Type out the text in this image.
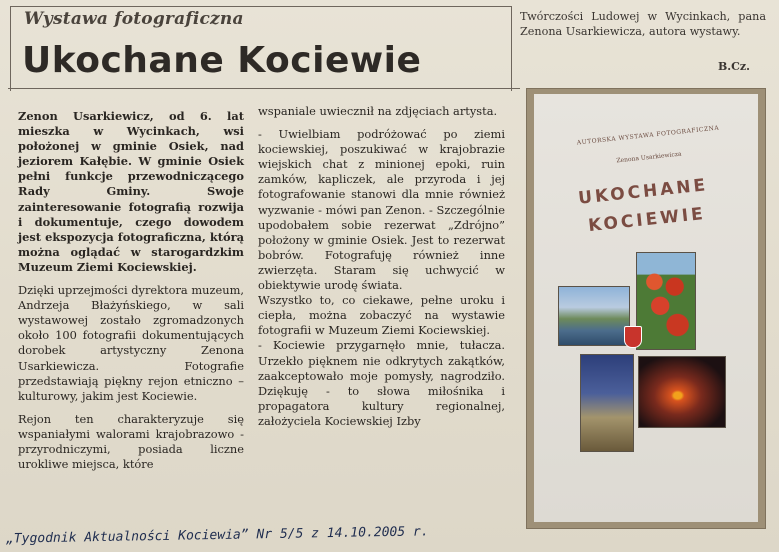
Wystawa fotograficzna
Ukochane Kociewie

Zenon Usarkiewicz, od 6. lat mieszka w Wycinkach, wsi położonej w gminie Osiek, nad jeziorem Kałębie. W gminie Osiek pełni funkcje przewodniczącego Rady Gminy. Swoje zainteresowanie fotografią rozwija i dokumentuje, czego dowodem jest ekspozycja fotograficzna, którą można oglądać w starogardzkim Muzeum Ziemi Kociewskiej.

Dzięki uprzejmości dyrektora muzeum, Andrzeja Błażyńskiego, w sali wystawowej zostało zgromadzonych około 100 fotografii dokumentujących dorobek artystyczny Zenona Usarkiewicza. Fotografie przedstawiają piękny rejon etniczno – kulturowy, jakim jest Kociewie.

Rejon ten charakteryzuje się wspaniałymi walorami krajobrazowo - przyrodniczymi, posiada liczne urokliwe miejsca, które

wspaniale uwiecznił na zdjęciach artysta.

- Uwielbiam podróżować po ziemi kociewskiej, poszukiwać w krajobrazie wiejskich chat z minionej epoki, ruin zamków, kapliczek, ale przyroda i jej fotografowanie stanowi dla mnie również wyzwanie - mówi pan Zenon. - Szczególnie upodobałem sobie rezerwat „Zdrójno” położony w gminie Osiek. Jest to rezerwat bobrów. Fotografuję również inne zwierzęta. Staram się uchwycić w obiektywie urodę świata.

Wszystko to, co ciekawe, pełne uroku i ciepła, można zobaczyć na wystawie fotografii w Muzeum Ziemi Kociewskiej.

- Kociewie przygarnęło mnie, tułacza. Urzekło pięknem nie odkrytych zakątków, zaakceptowało moje pomysły, nagrodziło. Dziękuję - to słowa miłośnika i propagatora kultury regionalnej, założyciela Kociewskiej Izby

Twórczości Ludowej w Wycinkach, pana Zenona Usarkiewicza, autora wystawy.
B.Cz.
AUTORSKA WYSTAWA FOTOGRAFICZNA
Zenona Usarkiewicza
UKOCHANE
KOCIEWIE
„Tygodnik Aktualności Kociewia” Nr 5/5 z 14.10.2005 r.
